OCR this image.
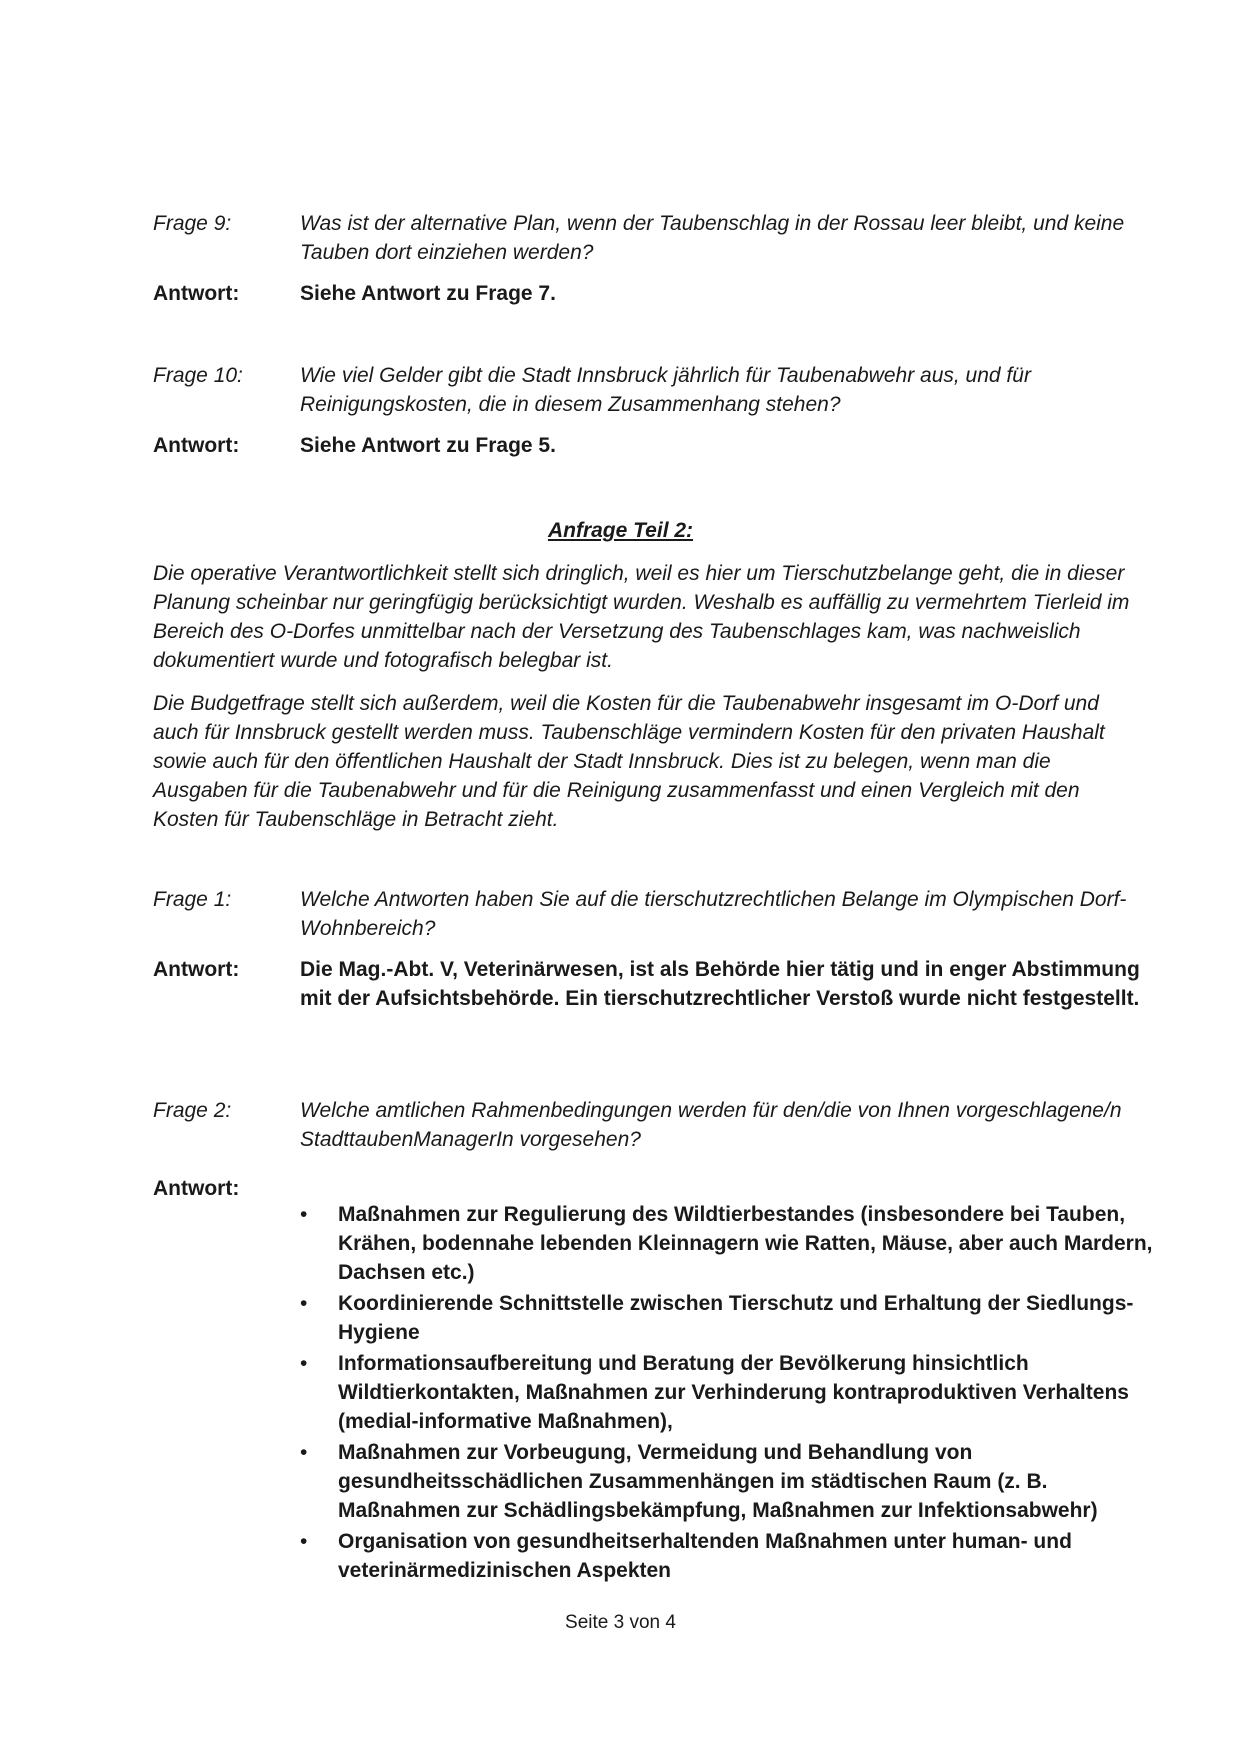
Frage 9:	Was ist der alternative Plan, wenn der Taubenschlag in der Rossau leer bleibt, und keine Tauben dort einziehen werden?
Antwort:	Siehe Antwort zu Frage 7.
Frage 10:	Wie viel Gelder gibt die Stadt Innsbruck jährlich für Taubenabwehr aus, und für Reinigungskosten, die in diesem Zusammenhang stehen?
Antwort:	Siehe Antwort zu Frage 5.
Anfrage Teil 2:
Die operative Verantwortlichkeit stellt sich dringlich, weil es hier um Tierschutzbelange geht, die in dieser Planung scheinbar nur geringfügig berücksichtigt wurden. Weshalb es auffällig zu vermehrtem Tierleid im Bereich des O-Dorfes unmittelbar nach der Versetzung des Taubenschlages kam, was nachweislich dokumentiert wurde und fotografisch belegbar ist.
Die Budgetfrage stellt sich außerdem, weil die Kosten für die Taubenabwehr insgesamt im O-Dorf und auch für Innsbruck gestellt werden muss. Taubenschläge vermindern Kosten für den privaten Haushalt sowie auch für den öffentlichen Haushalt der Stadt Innsbruck. Dies ist zu belegen, wenn man die Ausgaben für die Taubenabwehr und für die Reinigung zusammenfasst und einen Vergleich mit den Kosten für Taubenschläge in Betracht zieht.
Frage 1:	Welche Antworten haben Sie auf die tierschutzrechtlichen Belange im Olympischen Dorf-Wohnbereich?
Antwort:	Die Mag.-Abt. V, Veterinärwesen, ist als Behörde hier tätig und in enger Abstimmung mit der Aufsichtsbehörde. Ein tierschutzrechtlicher Verstoß wurde nicht festgestellt.
Frage 2:	Welche amtlichen Rahmenbedingungen werden für den/die von Ihnen vorgeschlagene/n StadttaubenManagerIn vorgesehen?
Antwort:
• Maßnahmen zur Regulierung des Wildtierbestandes (insbesondere bei Tauben, Krähen, bodennahe lebenden Kleinnagern wie Ratten, Mäuse, aber auch Mardern, Dachsen etc.)
• Koordinierende Schnittstelle zwischen Tierschutz und Erhaltung der Siedlungs-Hygiene
• Informationsaufbereitung und Beratung der Bevölkerung hinsichtlich Wildtierkontakten, Maßnahmen zur Verhinderung kontraproduktiven Verhaltens (medial-informative Maßnahmen),
• Maßnahmen zur Vorbeugung, Vermeidung und Behandlung von gesundheitsschädlichen Zusammenhängen im städtischen Raum (z. B. Maßnahmen zur Schädlingsbekämpfung, Maßnahmen zur Infektionsabwehr)
• Organisation von gesundheitserhaltenden Maßnahmen unter human- und veterinärmedizinischen Aspekten
Seite 3 von 4
